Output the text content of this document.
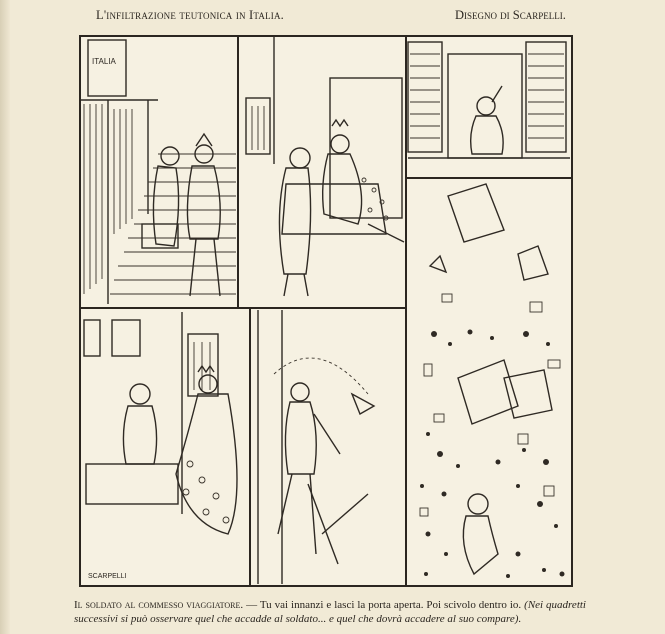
L'infiltrazione teutonica in Italia.	Disegno di Scarpelli.
ITALIA
SCARPELLI
Il soldato al commesso viaggiatore. — Tu vai innanzi e lasci la porta aperta. Poi scivolo dentro io. (Nei quadretti successivi si può osservare quel che accadde al soldato... e quel che dovrà accadere al suo compare).
